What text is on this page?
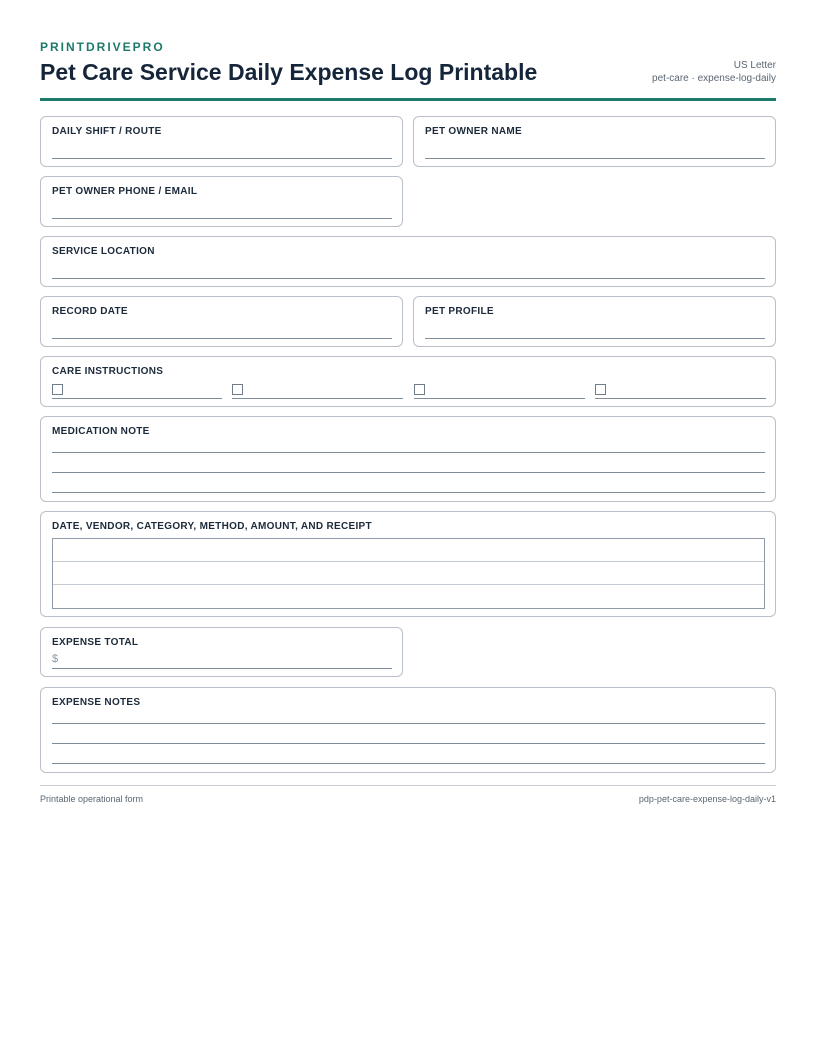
PRINTDRIVEPRO
Pet Care Service Daily Expense Log Printable	US Letter
pet-care · expense-log-daily
DAILY SHIFT / ROUTE	PET OWNER NAME
PET OWNER PHONE / EMAIL
SERVICE LOCATION
RECORD DATE	PET PROFILE
CARE INSTRUCTIONS
MEDICATION NOTE
DATE, VENDOR, CATEGORY, METHOD, AMOUNT, AND RECEIPT
EXPENSE TOTAL
$
EXPENSE NOTES
Printable operational form	pdp-pet-care-expense-log-daily-v1
